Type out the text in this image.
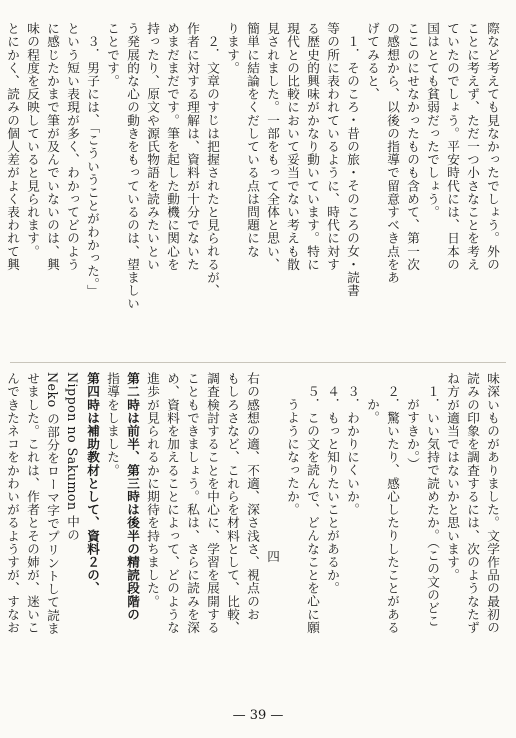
際など考えても見なかったでしょう。外の
ことに考えず、ただ一つ小さなことを考え
ていたのでしょう。平安時代には、日本の
国はとても貧弱だったでしょう。
ここのにせなかったものも含めて、第一次
の感想から、以後の指導で留意すべき点をあ
げてみると、
１．そのころ・昔の旅・そのころの女・読書
等の所に表われているように、時代に対す
る歴史的興味がかなり動いています。特に
現代との比較において妥当でない考えも散
見されました。一部をもって全体と思い、
簡単に結論をくだしている点は問題にな
ります。
２．文章のすじは把握されたと見られるが、
作者に対する理解は、資料が十分でないた
めまだまだです。筆を起した動機に関心を
持ったり、原文や源氏物語を読みたいとい
う発展的な心の動きをもっているのは、望ましい
ことです。
３．男子には、「こういうことがわかった。」
という短い表現が多く、わかってどのよう
に感じたかまで筆が及んでいないのは、興
味の程度を反映していると見られます。
とにかく、読みの個人差がよく表われて興
味深いものがありました。文学作品の最初の
読みの印象を調査するには、次のようなたず
ね方が適当ではないかと思います。
１．いい気持で読めたか。（この文のどこ
がすきか。）
２．驚いたり、感心したりしたことがある
か。
３．わかりにくいか。
４．もっと知りたいことがあるか。
５．この文を読んで、どんなことを心に願
うようになったか。
四
右の感想の適、不適、深さ浅さ、視点のお
もしろさなど、これらを材料として、比較、
調査検討することを中心に、学習を展開する
こともできましょう。私は、さらに読みを深
め、資料を加えることによって、どのような
進歩が見られるかに期待を持ちました。
第二時は前半、第三時は後半の精読段階の
指導をしました。
第四時は補助教材として、資料２の、
Nippon no Sakumon 中の
Neko の部分をローマ字でプリントして読ま
せました。これは、作者とその姉が、迷いこ
んできたネコをかわいがるようすが、すなお
— 39 —
